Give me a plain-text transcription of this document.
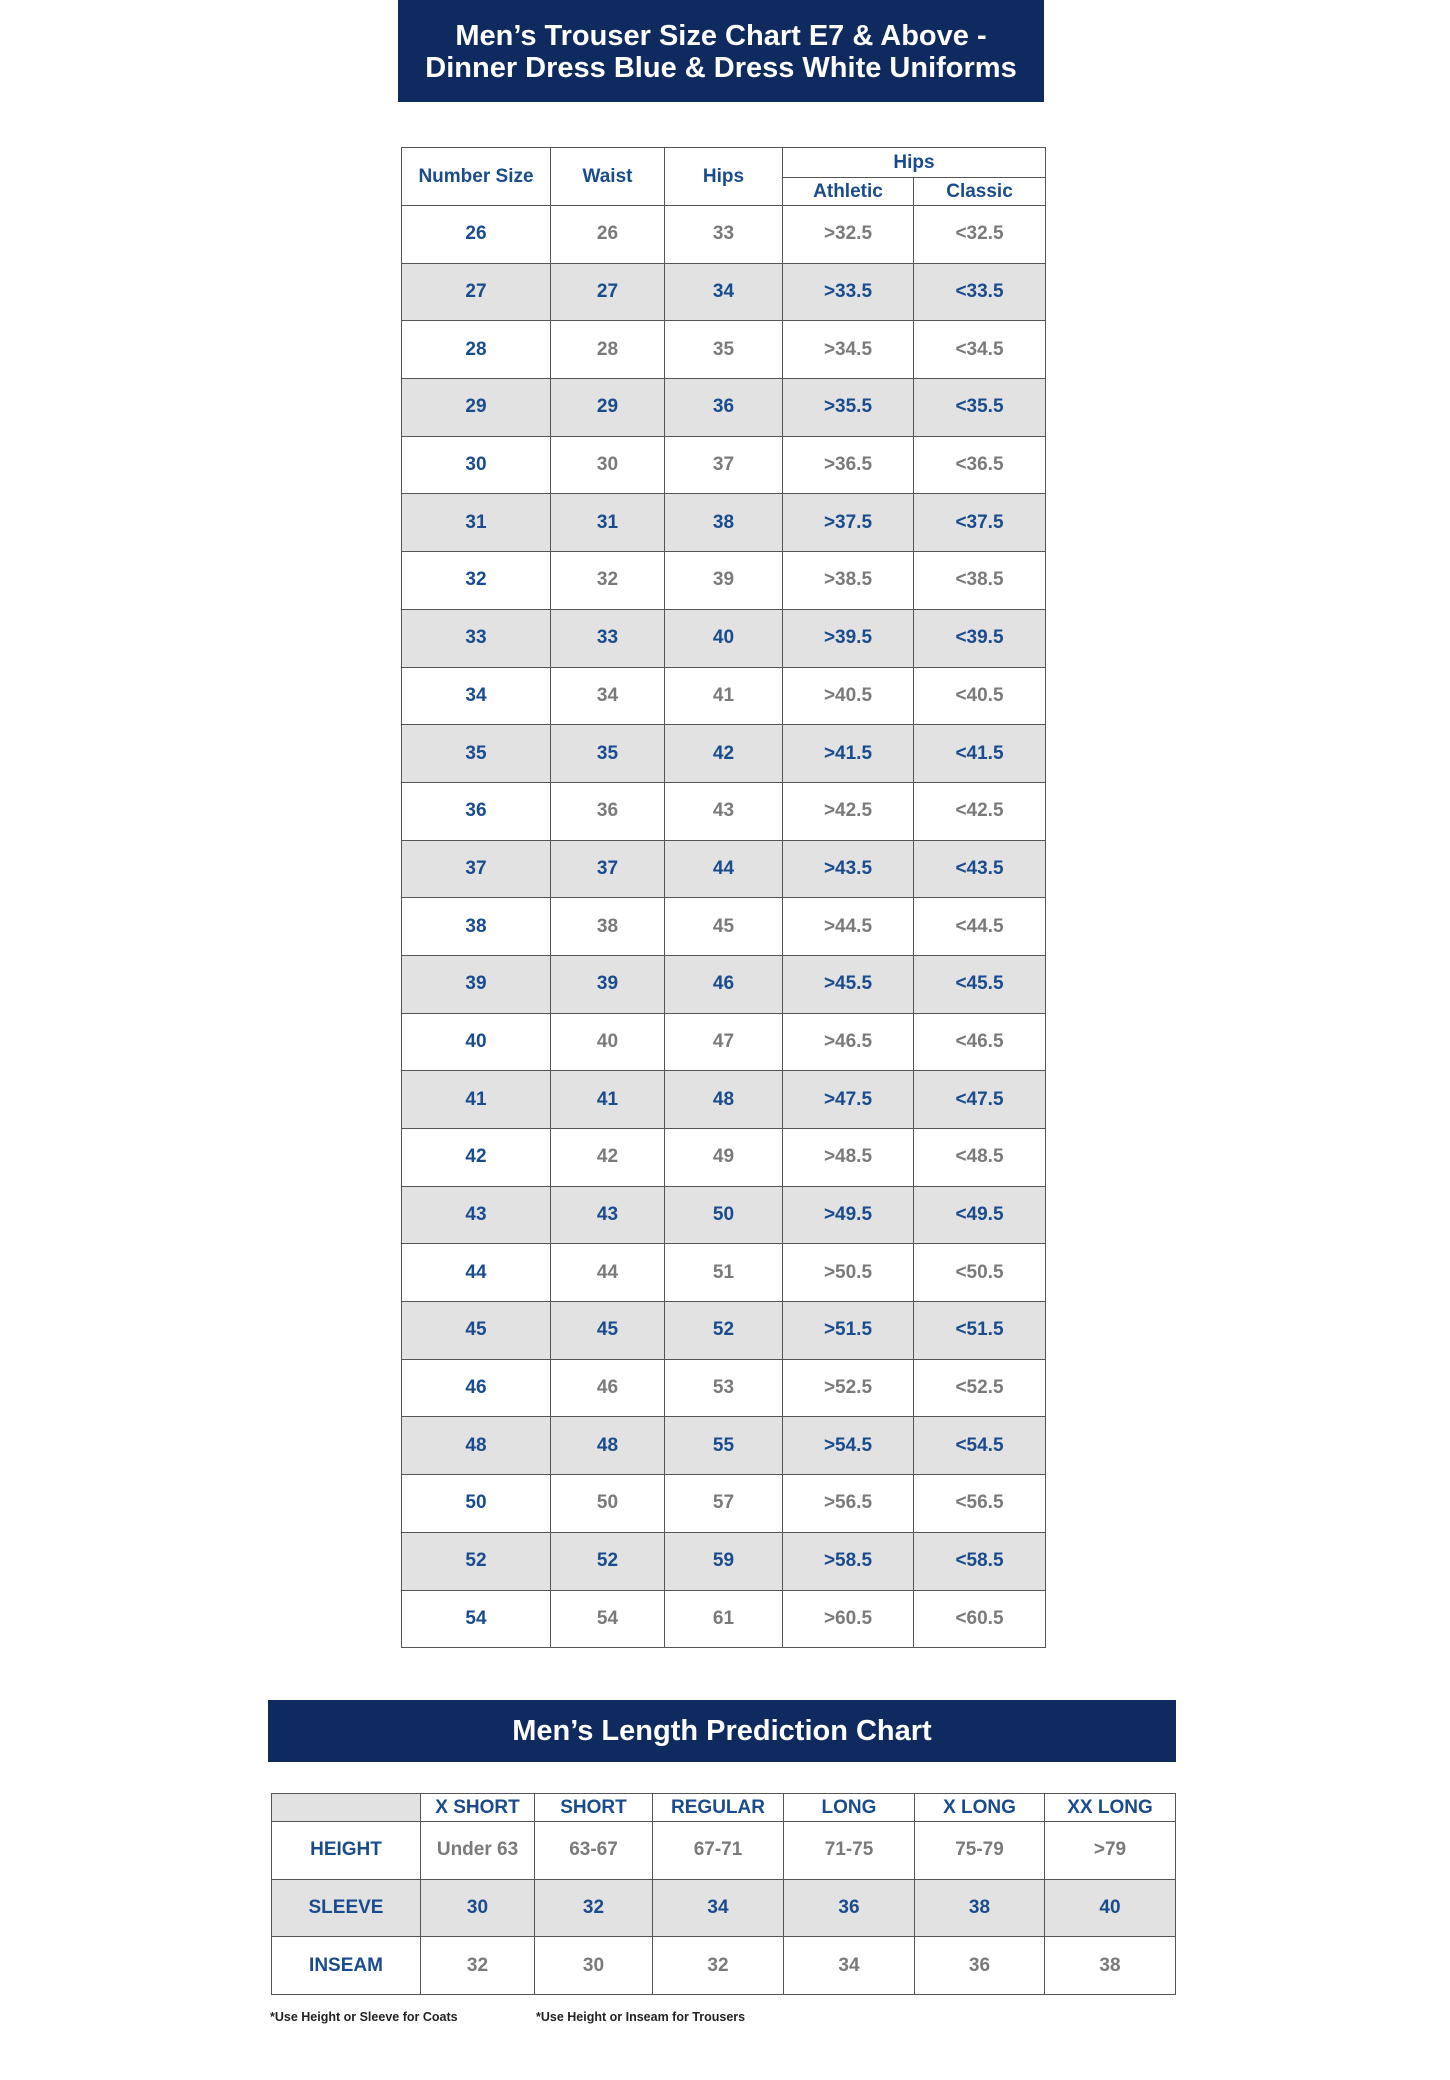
Men’s Trouser Size Chart E7 & Above -
Dinner Dress Blue & Dress White Uniforms
Number Size	Waist	Hips	Hips	
			Athletic	Classic
26	26	33	>32.5	<32.5
27	27	34	>33.5	<33.5
28	28	35	>34.5	<34.5
29	29	36	>35.5	<35.5
30	30	37	>36.5	<36.5
31	31	38	>37.5	<37.5
32	32	39	>38.5	<38.5
33	33	40	>39.5	<39.5
34	34	41	>40.5	<40.5
35	35	42	>41.5	<41.5
36	36	43	>42.5	<42.5
37	37	44	>43.5	<43.5
38	38	45	>44.5	<44.5
39	39	46	>45.5	<45.5
40	40	47	>46.5	<46.5
41	41	48	>47.5	<47.5
42	42	49	>48.5	<48.5
43	43	50	>49.5	<49.5
44	44	51	>50.5	<50.5
45	45	52	>51.5	<51.5
46	46	53	>52.5	<52.5
48	48	55	>54.5	<54.5
50	50	57	>56.5	<56.5
52	52	59	>58.5	<58.5
54	54	61	>60.5	<60.5
Men’s Length Prediction Chart
	X SHORT	SHORT	REGULAR	LONG	X LONG	XX LONG
HEIGHT	Under 63	63-67	67-71	71-75	75-79	>79
SLEEVE	30	32	34	36	38	40
INSEAM	32	30	32	34	36	38
*Use Height or Sleeve for Coats	*Use Height or Inseam for Trousers
